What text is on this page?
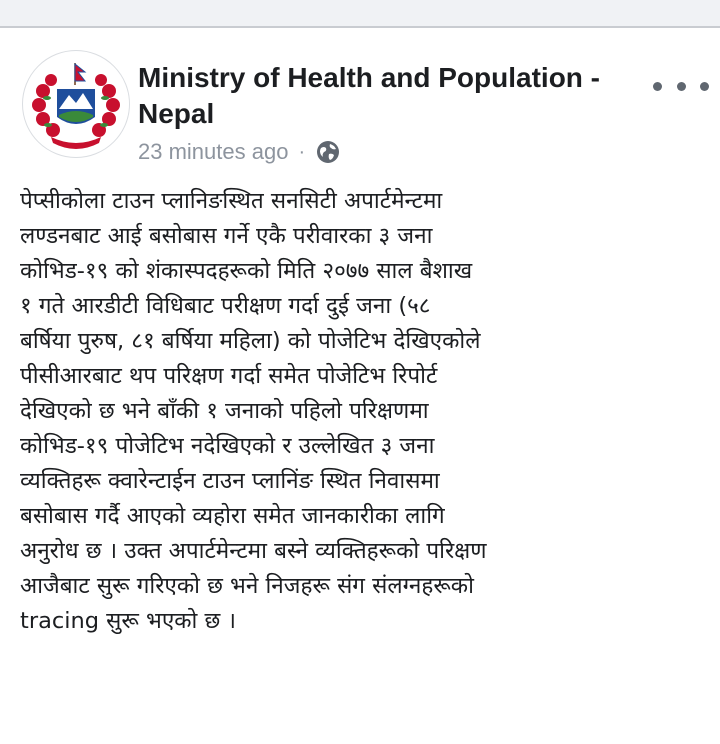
Ministry of Health and Population -Nepal
23 minutes ago ·
पेप्सीकोला टाउन प्लानिङस्थित सनसिटी अपार्टमेन्टमा
लण्डनबाट आई बसोबास गर्ने एकै परीवारका ३ जना
कोभिड-१९ को शंकास्पदहरूको मिति २०७७ साल बैशाख
१ गते आरडीटी विधिबाट परीक्षण गर्दा दुई जना (५८
बर्षिया पुरुष, ८१ बर्षिया महिला) को पोजेटिभ देखिएकोले
पीसीआरबाट थप परिक्षण गर्दा समेत पोजेटिभ रिपोर्ट
देखिएको छ भने बाँकी १ जनाको पहिलो परिक्षणमा
कोभिड-१९ पोजेटिभ नदेखिएको र उल्लेखित ३ जना
व्यक्तिहरू क्वारेन्टाईन टाउन प्लानिंङ स्थित निवासमा
बसोबास गर्दै आएको व्यहोरा समेत जानकारीका लागि
अनुरोध छ । उक्त अपार्टमेन्टमा बस्ने व्यक्तिहरूको परिक्षण
आजैबाट सुरू गरिएको छ भने निजहरू संग संलग्नहरूको
tracing सुरू भएको छ ।
